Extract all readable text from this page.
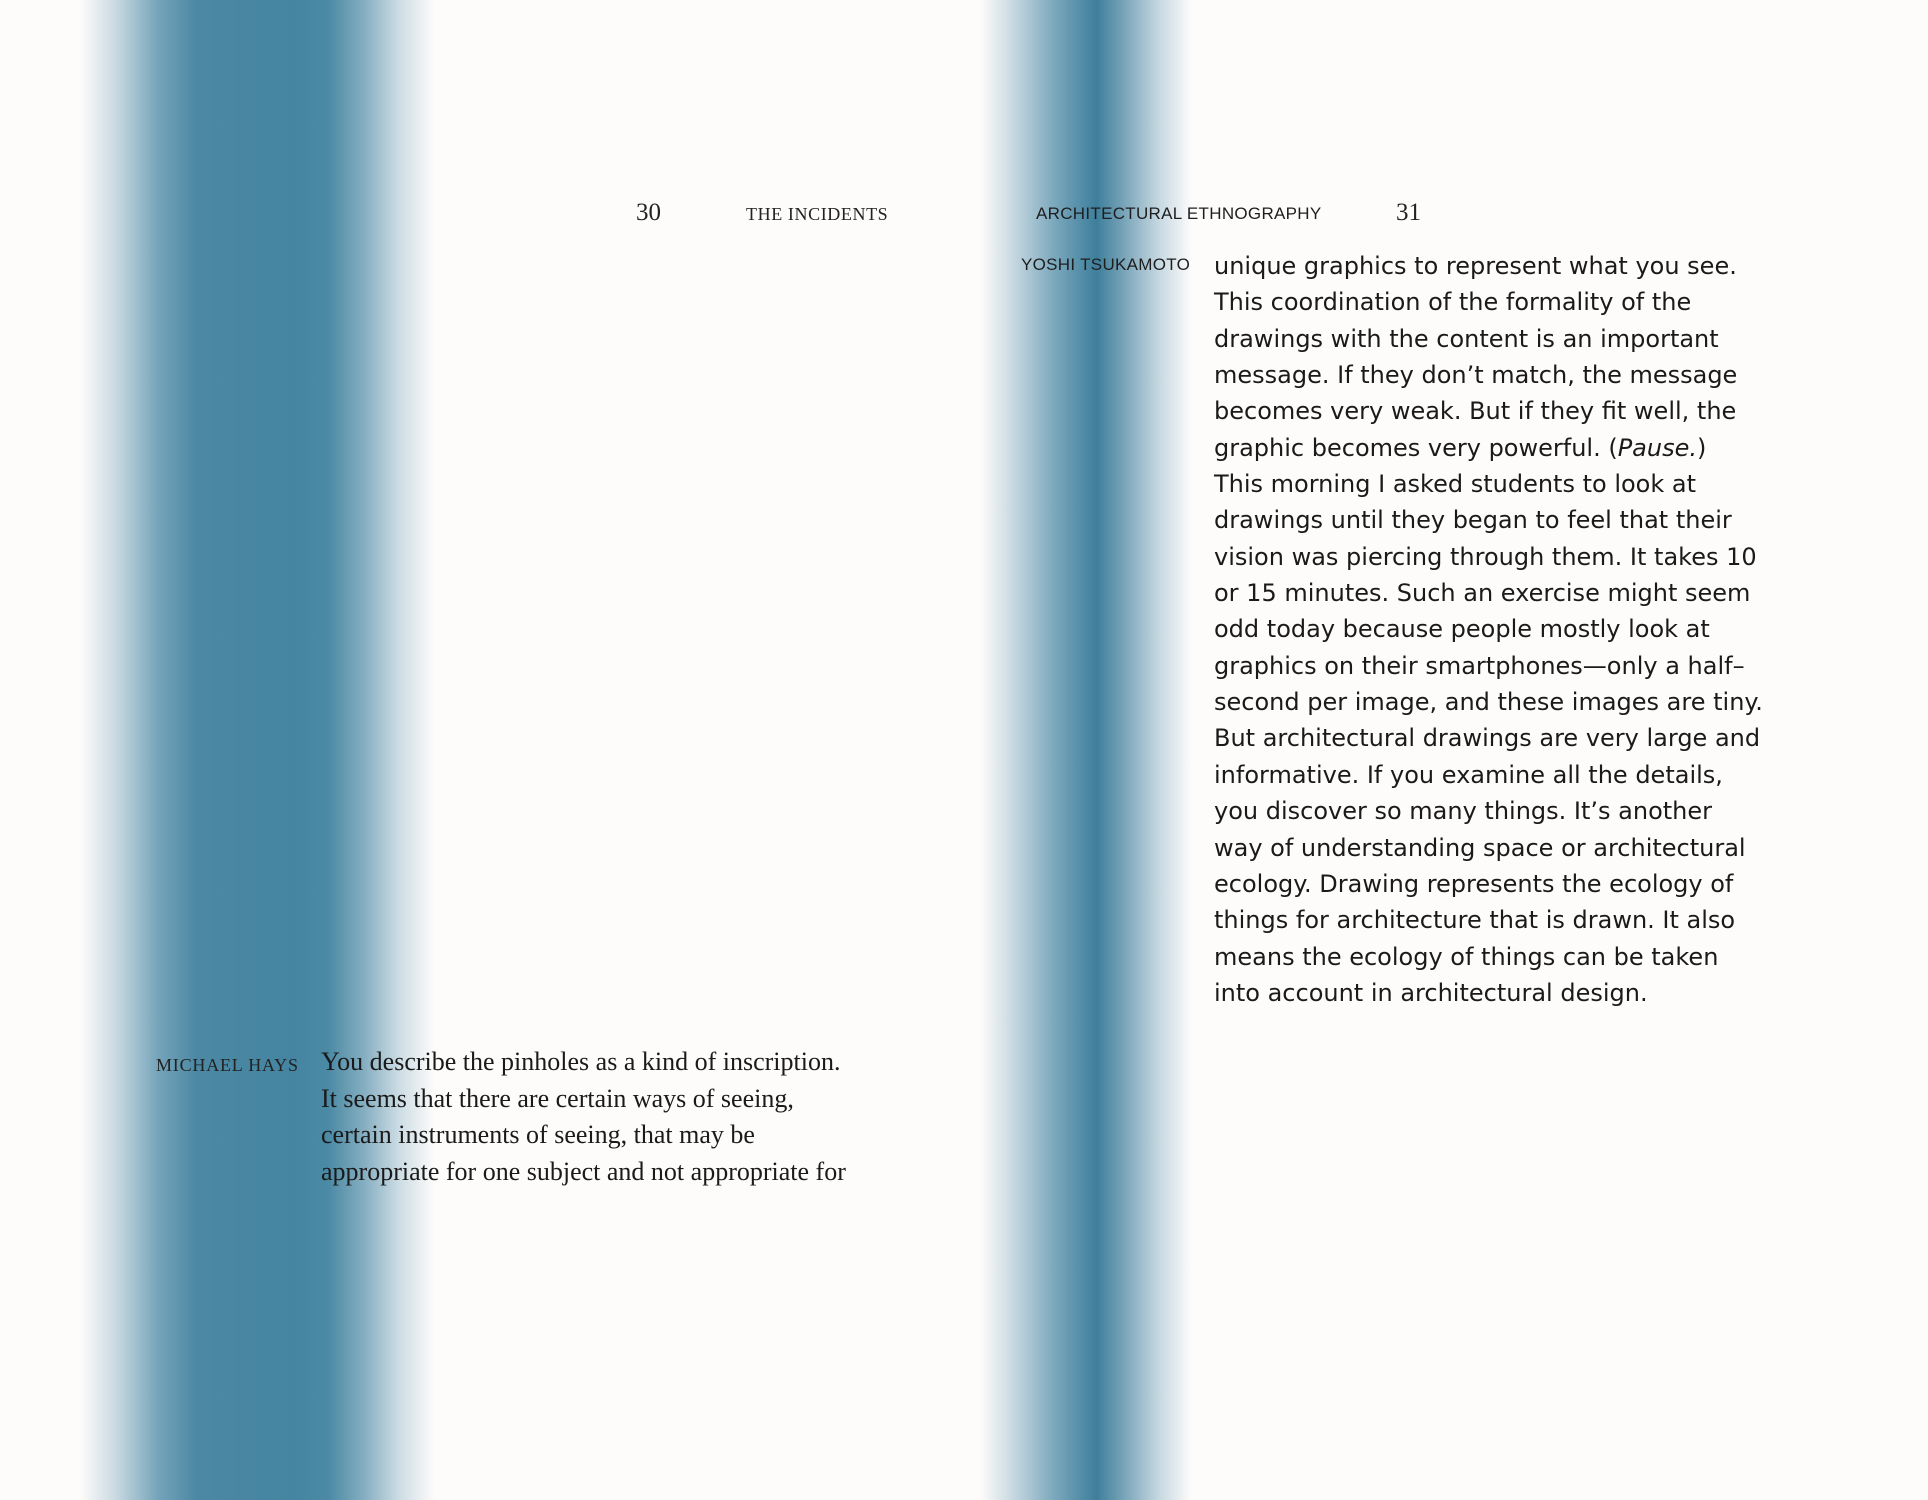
30	THE INCIDENTS	ARCHITECTURAL ETHNOGRAPHY	31
YOSHI TSUKAMOTO unique graphics to represent what you see.
This coordination of the formality of the
drawings with the content is an important
message. If they don’t match, the message
becomes very weak. But if they fit well, the
graphic becomes very powerful. (Pause.)
This morning I asked students to look at
drawings until they began to feel that their
vision was piercing through them. It takes 10
or 15 minutes. Such an exercise might seem
odd today because people mostly look at
graphics on their smartphones—only a half–
second per image, and these images are tiny.
But architectural drawings are very large and
informative. If you examine all the details,
you discover so many things. It’s another
way of understanding space or architectural
ecology. Drawing represents the ecology of
things for architecture that is drawn. It also
means the ecology of things can be taken
into account in architectural design.
MICHAEL HAYS You describe the pinholes as a kind of inscription.
It seems that there are certain ways of seeing,
certain instruments of seeing, that may be
appropriate for one subject and not appropriate for
